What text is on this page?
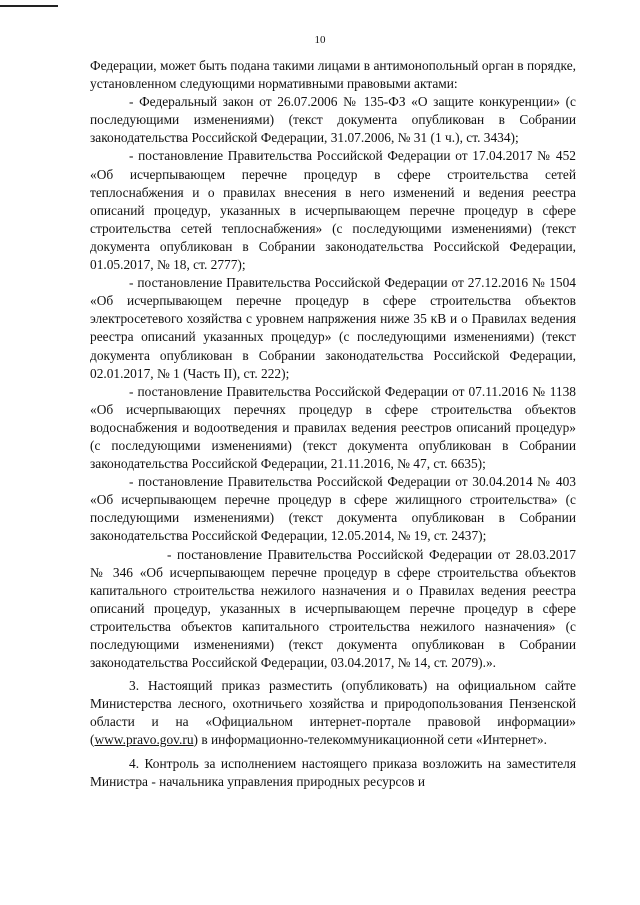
10

Федерации, может быть подана такими лицами в антимонопольный орган в порядке, установленном следующими нормативными правовыми актами:

- Федеральный закон от 26.07.2006 № 135-ФЗ «О защите конкуренции» (с последующими изменениями) (текст документа опубликован в Собрании законодательства Российской Федерации, 31.07.2006, № 31 (1 ч.), ст. 3434);

- постановление Правительства Российской Федерации от 17.04.2017 № 452 «Об исчерпывающем перечне процедур в сфере строительства сетей теплоснабжения и о правилах внесения в него изменений и ведения реестра описаний процедур, указанных в исчерпывающем перечне процедур в сфере строительства сетей теплоснабжения» (с последующими изменениями) (текст документа опубликован в Собрании законодательства Российской Федерации, 01.05.2017, № 18, ст. 2777);

- постановление Правительства Российской Федерации от 27.12.2016 № 1504 «Об исчерпывающем перечне процедур в сфере строительства объектов электросетевого хозяйства с уровнем напряжения ниже 35 кВ и о Правилах ведения реестра описаний указанных процедур» (с последующими изменениями) (текст документа опубликован в Собрании законодательства Российской Федерации, 02.01.2017, № 1 (Часть II), ст. 222);

- постановление Правительства Российской Федерации от 07.11.2016 № 1138 «Об исчерпывающих перечнях процедур в сфере строительства объектов водоснабжения и водоотведения и правилах ведения реестров описаний процедур» (с последующими изменениями) (текст документа опубликован в Собрании законодательства Российской Федерации, 21.11.2016, № 47, ст. 6635);

- постановление Правительства Российской Федерации от 30.04.2014 № 403 «Об исчерпывающем перечне процедур в сфере жилищного строительства» (с последующими изменениями) (текст документа опубликован в Собрании законодательства Российской Федерации, 12.05.2014, № 19, ст. 2437);

- постановление Правительства Российской Федерации от 28.03.2017 № 346 «Об исчерпывающем перечне процедур в сфере строительства объектов капитального строительства нежилого назначения и о Правилах ведения реестра описаний процедур, указанных в исчерпывающем перечне процедур в сфере строительства объектов капитального строительства нежилого назначения» (с последующими изменениями) (текст документа опубликован в Собрании законодательства Российской Федерации, 03.04.2017, № 14, ст. 2079).».

3. Настоящий приказ разместить (опубликовать) на официальном сайте Министерства лесного, охотничьего хозяйства и природопользования Пензенской области и на «Официальном интернет-портале правовой информации» (www.pravo.gov.ru) в информационно-телекоммуникационной сети «Интернет».

4. Контроль за исполнением настоящего приказа возложить на заместителя Министра - начальника управления природных ресурсов и
